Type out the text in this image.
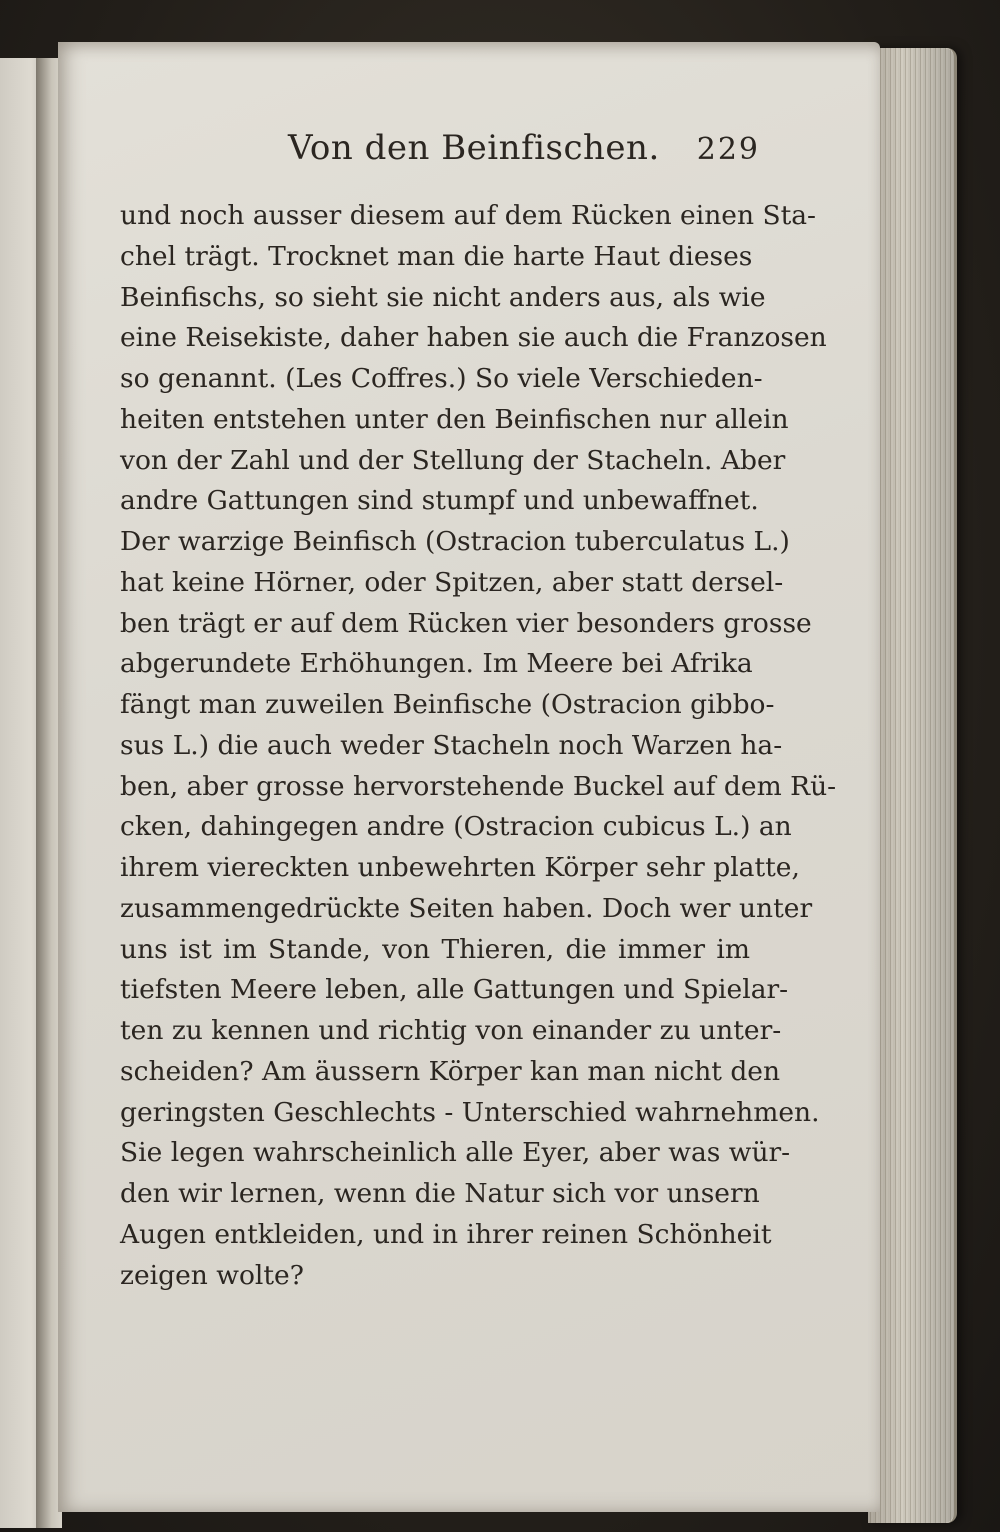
Von den Beinfischen. 229
und noch ausser diesem auf dem Rücken einen Sta-
chel trägt. Trocknet man die harte Haut dieses
Beinfischs, so sieht sie nicht anders aus, als wie
eine Reisekiste, daher haben sie auch die Franzosen
so genannt. (Les Coffres.) So viele Verschieden-
heiten entstehen unter den Beinfischen nur allein
von der Zahl und der Stellung der Stacheln. Aber
andre Gattungen sind stumpf und unbewaffnet.
Der warzige Beinfisch (Ostracion tuberculatus L.)
hat keine Hörner, oder Spitzen, aber statt dersel-
ben trägt er auf dem Rücken vier besonders grosse
abgerundete Erhöhungen. Im Meere bei Afrika
fängt man zuweilen Beinfische (Ostracion gibbo-
sus L.) die auch weder Stacheln noch Warzen ha-
ben, aber grosse hervorstehende Buckel auf dem Rü-
cken, dahingegen andre (Ostracion cubicus L.) an
ihrem viereckten unbewehrten Körper sehr platte,
zusammengedrückte Seiten haben. Doch wer unter
uns ist im Stande, von Thieren, die immer im
tiefsten Meere leben, alle Gattungen und Spielar-
ten zu kennen und richtig von einander zu unter-
scheiden? Am äussern Körper kan man nicht den
geringsten Geschlechts - Unterschied wahrnehmen.
Sie legen wahrscheinlich alle Eyer, aber was wür-
den wir lernen, wenn die Natur sich vor unsern
Augen entkleiden, und in ihrer reinen Schönheit
zeigen wolte?
